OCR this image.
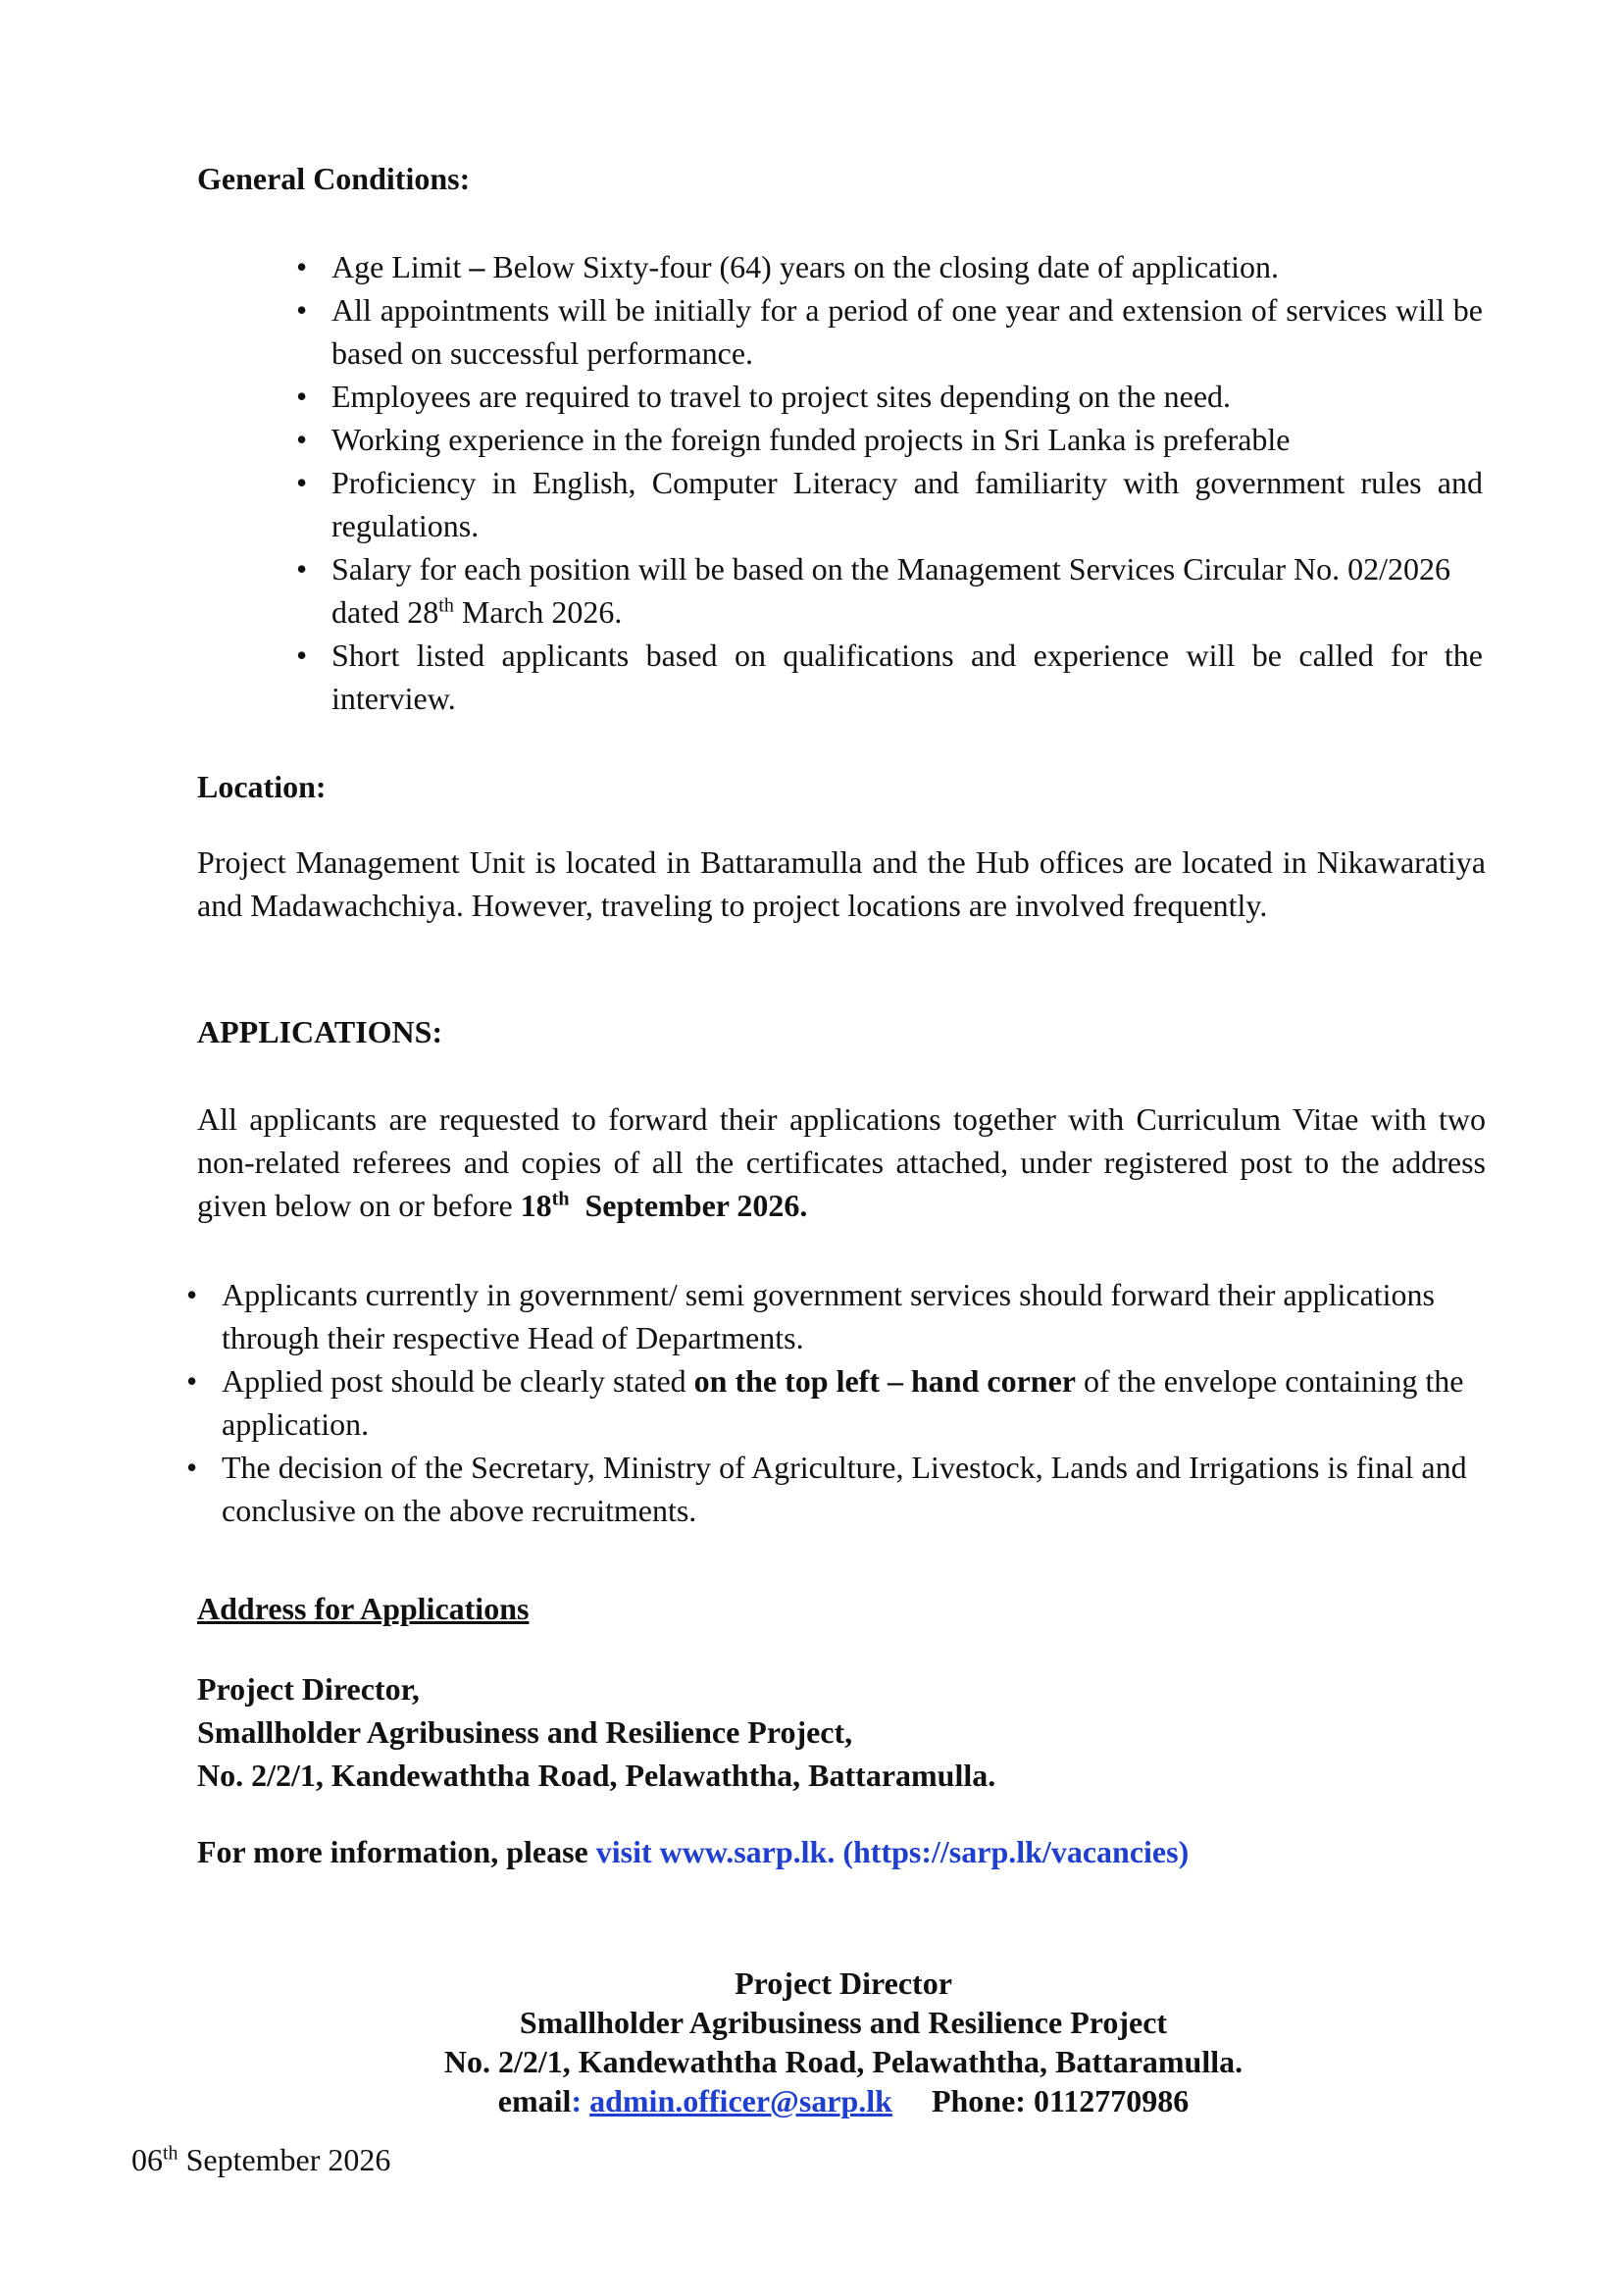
General Conditions:

• Age Limit – Below Sixty-four (64) years on the closing date of application.
• All appointments will be initially for a period of one year and extension of services will be based on successful performance.
• Employees are required to travel to project sites depending on the need.
• Working experience in the foreign funded projects in Sri Lanka is preferable
• Proficiency in English, Computer Literacy and familiarity with government rules and regulations.
• Salary for each position will be based on the Management Services Circular No. 02/2026 dated 28th March 2026.
• Short listed applicants based on qualifications and experience will be called for the interview.

Location:

Project Management Unit is located in Battaramulla and the Hub offices are located in Nikawaratiya and Madawachchiya. However, traveling to project locations are involved frequently.

APPLICATIONS:

All applicants are requested to forward their applications together with Curriculum Vitae with two non-related referees and copies of all the certificates attached, under registered post to the address given below on or before 18th  September 2026.

• Applicants currently in government/ semi government services should forward their applications through their respective Head of Departments.
• Applied post should be clearly stated on the top left – hand corner of the envelope containing the application.
• The decision of the Secretary, Ministry of Agriculture, Livestock, Lands and Irrigations is final and conclusive on the above recruitments.

Address for Applications

Project Director,
Smallholder Agribusiness and Resilience Project,
No. 2/2/1, Kandewaththa Road, Pelawaththa, Battaramulla.

For more information, please visit www.sarp.lk. (https://sarp.lk/vacancies)

Project Director
Smallholder Agribusiness and Resilience Project
No. 2/2/1, Kandewaththa Road, Pelawaththa, Battaramulla.
email: admin.officer@sarp.lk Phone: 0112770986
06th September 2026
